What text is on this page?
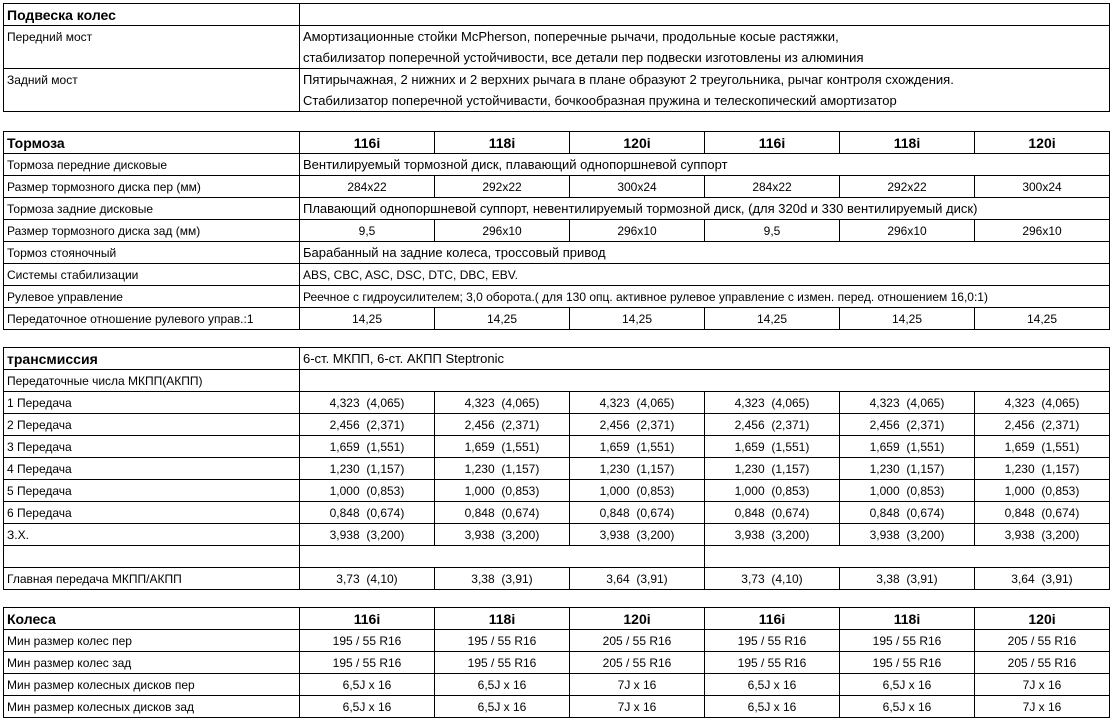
Подвеска колес	
Передний мост	Амортизационные стойки McPherson, поперечные рычачи, продольные косые растяжки,
	стабилизатор поперечной устойчивости, все детали пер подвески изготовлены из алюминия
Задний мост	Пятирычажная, 2 нижних и 2 верхних рычага в плане образуют 2 треугольника, рычаг контроля схождения.
	Стабилизатор поперечной устойчивасти, бочкообразная пружина и телескопический амортизатор
Тормоза	116i	118i	120i	116i	118i	120i
Тормоза передние дисковые	Вентилируемый тормозной диск, плавающий однопоршневой суппорт					
Размер тормозного диска пер (мм)	284x22	292x22	300x24	284x22	292x22	300x24
Тормоза задние дисковые	Плавающий однопоршневой суппорт, невентилируемый тормозной диск, (для 320d и 330 вентилируемый диск)					
Размер тормозного диска зад (мм)	9,5	296x10	296x10	9,5	296x10	296x10
Тормоз стояночный	Барабанный на задние колеса, троссовый привод					
Системы стабилизации	ABS, CBC, ASC, DSC, DTC, DBC, EBV.					
Рулевое управление	Реечное с гидроусилителем; 3,0 оборота.( для 130 опц. активное рулевое управление с измен. перед. отношением 16,0:1)					
Передаточное отношение рулевого управ.:1	14,25	14,25	14,25	14,25	14,25	14,25
трансмиссия	6-ст. МКПП, 6-ст. АКПП Steptronic					
Передаточные числа МКПП(АКПП)						
1 Передача	4,323 (4,065)	4,323 (4,065)	4,323 (4,065)	4,323 (4,065)	4,323 (4,065)	4,323 (4,065)
2 Передача	2,456 (2,371)	2,456 (2,371)	2,456 (2,371)	2,456 (2,371)	2,456 (2,371)	2,456 (2,371)
3 Передача	1,659 (1,551)	1,659 (1,551)	1,659 (1,551)	1,659 (1,551)	1,659 (1,551)	1,659 (1,551)
4 Передача	1,230 (1,157)	1,230 (1,157)	1,230 (1,157)	1,230 (1,157)	1,230 (1,157)	1,230 (1,157)
5 Передача	1,000 (0,853)	1,000 (0,853)	1,000 (0,853)	1,000 (0,853)	1,000 (0,853)	1,000 (0,853)
6 Передача	0,848 (0,674)	0,848 (0,674)	0,848 (0,674)	0,848 (0,674)	0,848 (0,674)	0,848 (0,674)
З.Х.	3,938 (3,200)	3,938 (3,200)	3,938 (3,200)	3,938 (3,200)	3,938 (3,200)	3,938 (3,200)

Главная передача МКПП/АКПП	3,73 (4,10)	3,38 (3,91)	3,64 (3,91)	3,73 (4,10)	3,38 (3,91)	3,64 (3,91)
Колеса	116i	118i	120i	116i	118i	120i
Мин размер колес пер	195 / 55 R16	195 / 55 R16	205 / 55 R16	195 / 55 R16	195 / 55 R16	205 / 55 R16
Мин размер колес зад	195 / 55 R16	195 / 55 R16	205 / 55 R16	195 / 55 R16	195 / 55 R16	205 / 55 R16
Мин размер колесных дисков пер	6,5J x 16	6,5J x 16	7J x 16	6,5J x 16	6,5J x 16	7J x 16
Мин размер колесных дисков зад	6,5J x 16	6,5J x 16	7J x 16	6,5J x 16	6,5J x 16	7J x 16
